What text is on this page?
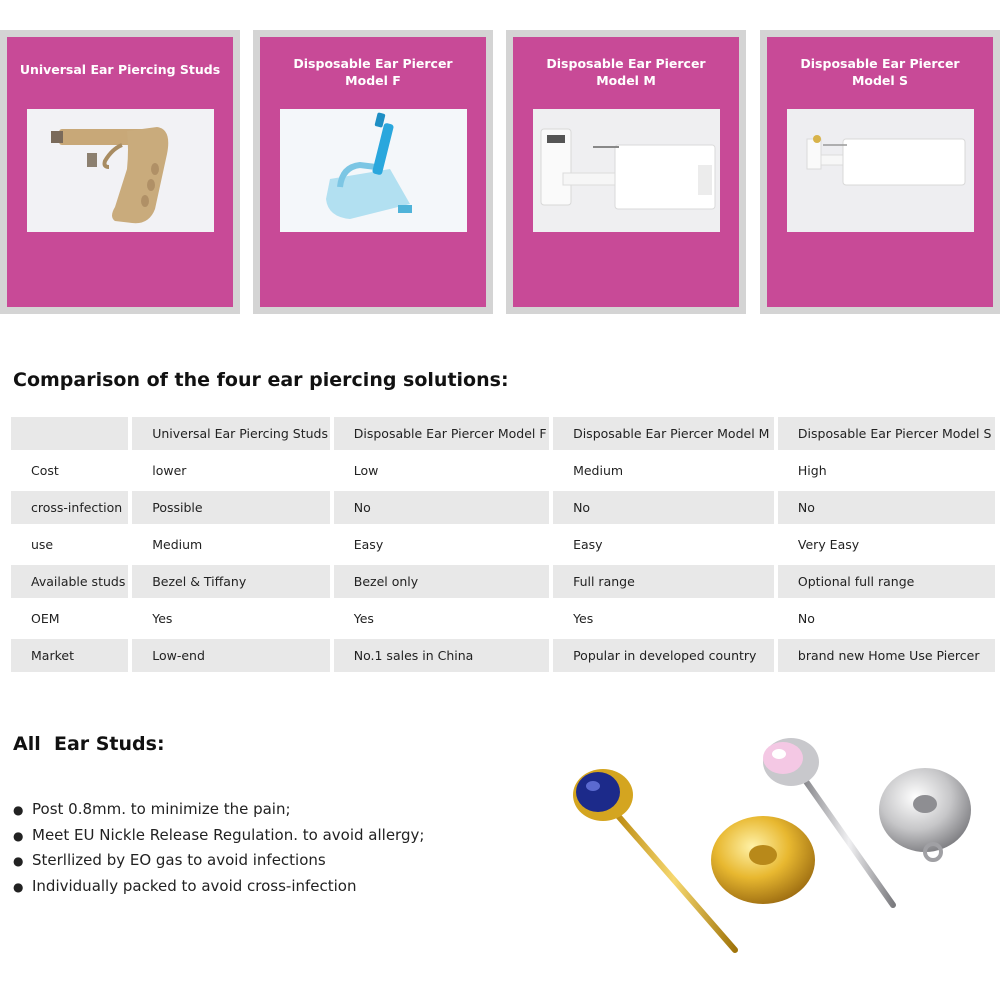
Universal Ear Piercing Studs	Disposable Ear Piercer
Model F
Disposable Ear Piercer
Model M
Disposable Ear Piercer
Model S
Comparison of the four ear piercing solutions:
	Universal Ear Piercing Studs	Disposable Ear Piercer Model F	Disposable Ear Piercer Model M	Disposable Ear Piercer Model S
Cost	lower	Low	Medium	High
cross-infection	Possible	No	No	No
use	Medium	Easy	Easy	Very Easy
Available studs	Bezel & Tiffany	Bezel only	Full range	Optional full range
OEM	Yes	Yes	Yes	No
Market	Low-end	No.1 sales in China	Popular in developed country	brand new Home Use Piercer
All  Ear Studs:
● Post 0.8mm. to minimize the pain;
● Meet EU Nickle Release Regulation. to avoid allergy;
● Sterllized by EO gas to avoid infections
● Individually packed to avoid cross-infection
